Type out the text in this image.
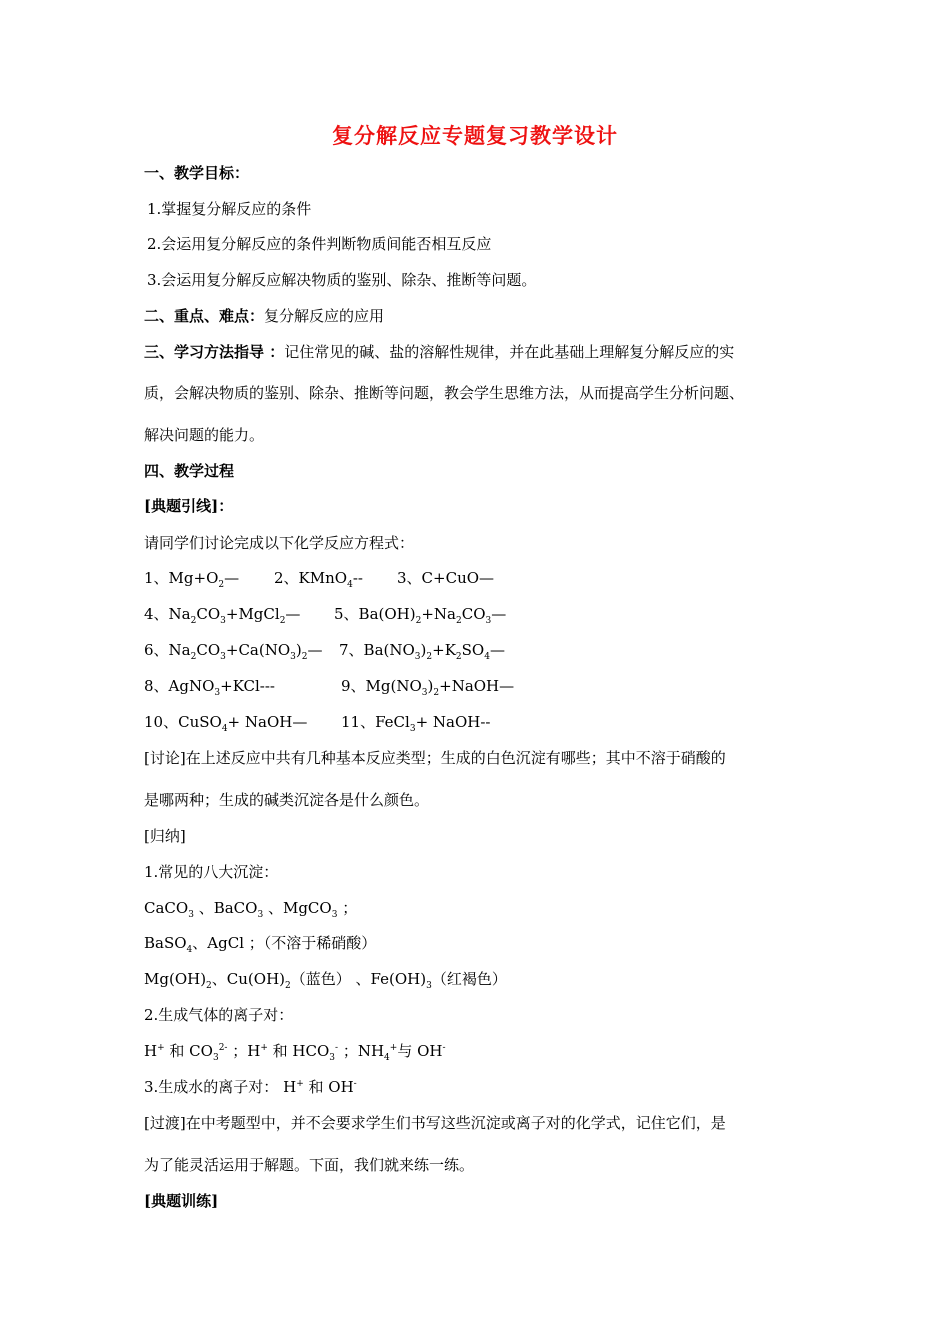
复分解反应专题复习教学设计
一、教学目标：
1.掌握复分解反应的条件
2.会运用复分解反应的条件判断物质间能否相互反应
3.会运用复分解反应解决物质的鉴别、除杂、推断等问题。
二、重点、难点：复分解反应的应用
三、学习方法指导 ：记住常见的碱、盐的溶解性规律，并在此基础上理解复分解反应的实
质，会解决物质的鉴别、除杂、推断等问题，教会学生思维方法，从而提高学生分析问题、
解决问题的能力。
四、教学过程
[典题引线]：
请同学们讨论完成以下化学反应方程式：
1、$Mg+O_2—$ 2、KMnO$_4$-- 3、C+CuO—
4、$Na_2CO_3+MgCl_2—$ 5、$Ba(OH)_2+Na_2CO_3—$
6、$Na_2CO_3+Ca(NO_3)_2—$ 7、$Ba(NO_3)_2+K_2SO_4—$
8、AgNO$_3$+KCl---	9、$Mg(NO_3)_2+NaOH—$
10、CuSO$_4$+ NaOH— 11、FeCl$_3$+ NaOH--
[讨论]在上述反应中共有几种基本反应类型；生成的白色沉淀有哪些；其中不溶于硝酸的
是哪两种；生成的碱类沉淀各是什么颜色。
[归纳]
1.常见的八大沉淀：
CaCO$_3$ 、BaCO$_3$ 、MgCO$_3$ ；
BaSO$_4$、AgCl ；（不溶于稀硝酸）
$Mg(OH)_2$、$Cu(OH)_2$（蓝色） 、$Fe(OH)_3$（红褐色）
2.生成气体的离子对：
H+ 和 $CO_3^{2-}$ ；H+ 和 $HCO_3^-$ ；$NH_4^+$与 OH-
3.生成水的离子对： H+ 和 OH-
[过渡]在中考题型中，并不会要求学生们书写这些沉淀或离子对的化学式，记住它们，是
为了能灵活运用于解题。下面，我们就来练一练。
[典题训练]
